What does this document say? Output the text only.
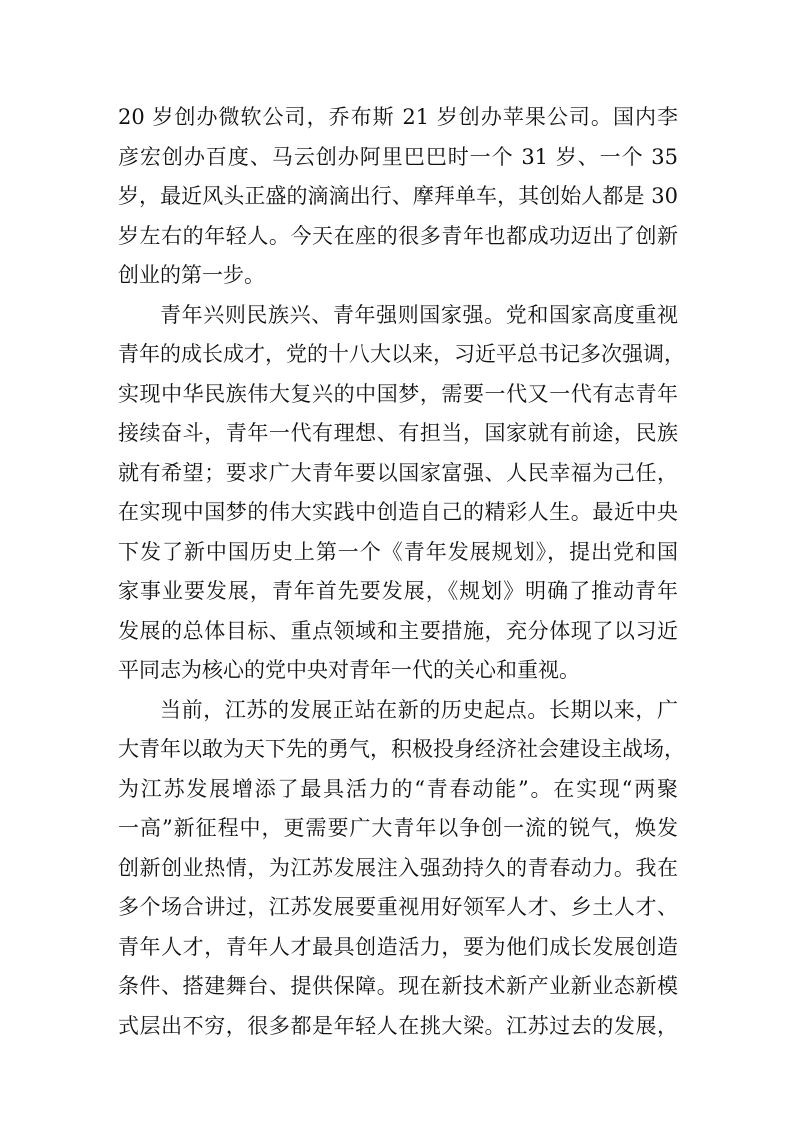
20 岁创办微软公司，乔布斯 21 岁创办苹果公司。国内李
彦宏创办百度、马云创办阿里巴巴时一个 31 岁、一个 35
岁，最近风头正盛的滴滴出行、摩拜单车，其创始人都是 30
岁左右的年轻人。今天在座的很多青年也都成功迈出了创新
创业的第一步。
青年兴则民族兴、青年强则国家强。党和国家高度重视
青年的成长成才，党的十八大以来，习近平总书记多次强调，
实现中华民族伟大复兴的中国梦，需要一代又一代有志青年
接续奋斗，青年一代有理想、有担当，国家就有前途，民族
就有希望；要求广大青年要以国家富强、人民幸福为己任，
在实现中国梦的伟大实践中创造自己的精彩人生。最近中央
下发了新中国历史上第一个《青年发展规划》，提出党和国
家事业要发展，青年首先要发展，《规划》明确了推动青年
发展的总体目标、重点领域和主要措施，充分体现了以习近
平同志为核心的党中央对青年一代的关心和重视。
当前，江苏的发展正站在新的历史起点。长期以来，广
大青年以敢为天下先的勇气，积极投身经济社会建设主战场，
为江苏发展增添了最具活力的“青春动能”。在实现“两聚
一高”新征程中，更需要广大青年以争创一流的锐气，焕发
创新创业热情，为江苏发展注入强劲持久的青春动力。我在
多个场合讲过，江苏发展要重视用好领军人才、乡土人才、
青年人才，青年人才最具创造活力，要为他们成长发展创造
条件、搭建舞台、提供保障。现在新技术新产业新业态新模
式层出不穷，很多都是年轻人在挑大梁。江苏过去的发展，
